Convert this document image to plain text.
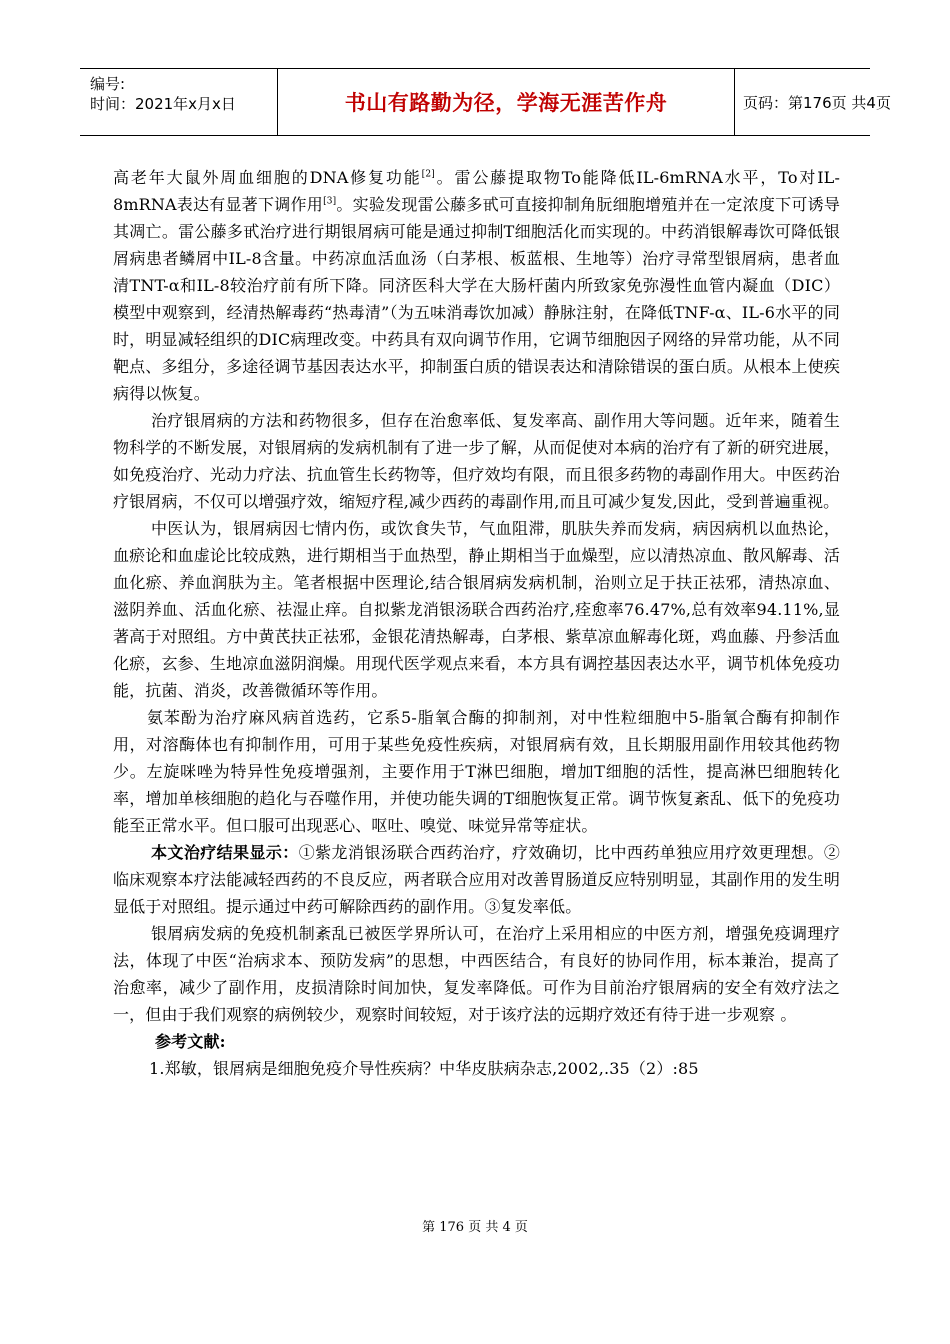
编号:
时间：2021年x月x日	书山有路勤为径，学海无涯苦作舟	页码：第176页 共4页

高老年大鼠外周血细胞的DNA修复功能[2]。雷公藤提取物To能降低IL-6mRNA水平，To对IL-8mRNA表达有显著下调作用[3]。实验发现雷公藤多甙可直接抑制角朊细胞增殖并在一定浓度下可诱导其凋亡。雷公藤多甙治疗进行期银屑病可能是通过抑制T细胞活化而实现的。中药消银解毒饮可降低银屑病患者鳞屑中IL-8含量。中药凉血活血汤（白茅根、板蓝根、生地等）治疗寻常型银屑病，患者血清TNT-α和IL-8较治疗前有所下降。同济医科大学在大肠杆菌内所致家免弥漫性血管内凝血（DIC）模型中观察到，经清热解毒药“热毒清”（为五味消毒饮加减）静脉注射，在降低TNF-α、IL-6水平的同时，明显减轻组织的DIC病理改变。中药具有双向调节作用，它调节细胞因子网络的异常功能，从不同靶点、多组分，多途径调节基因表达水平，抑制蛋白质的错误表达和清除错误的蛋白质。从根本上使疾病得以恢复。

治疗银屑病的方法和药物很多，但存在治愈率低、复发率高、副作用大等问题。近年来，随着生物科学的不断发展，对银屑病的发病机制有了进一步了解，从而促使对本病的治疗有了新的研究进展，如免疫治疗、光动力疗法、抗血管生长药物等，但疗效均有限，而且很多药物的毒副作用大。中医药治疗银屑病，不仅可以增强疗效，缩短疗程,减少西药的毒副作用,而且可减少复发,因此，受到普遍重视。

中医认为，银屑病因七情内伤，或饮食失节，气血阻滞，肌肤失养而发病，病因病机以血热论，血瘀论和血虚论比较成熟，进行期相当于血热型，静止期相当于血燥型，应以清热凉血、散风解毒、活血化瘀、养血润肤为主。笔者根据中医理论,结合银屑病发病机制，治则立足于扶正祛邪，清热凉血、滋阴养血、活血化瘀、祛湿止痒。自拟紫龙消银汤联合西药治疗,痊愈率76.47%,总有效率94.11%,显著高于对照组。方中黄芪扶正祛邪，金银花清热解毒，白茅根、紫草凉血解毒化斑，鸡血藤、丹参活血化瘀，玄参、生地凉血滋阴润燥。用现代医学观点来看，本方具有调控基因表达水平，调节机体免疫功能，抗菌、消炎，改善微循环等作用。

氨苯酚为治疗麻风病首选药，它系5-脂氧合酶的抑制剂，对中性粒细胞中5-脂氧合酶有抑制作用，对溶酶体也有抑制作用，可用于某些免疫性疾病，对银屑病有效，且长期服用副作用较其他药物少。左旋咪唑为特异性免疫增强剂，主要作用于T淋巴细胞，增加T细胞的活性，提高淋巴细胞转化率，增加单核细胞的趋化与吞噬作用，并使功能失调的T细胞恢复正常。调节恢复紊乱、低下的免疫功能至正常水平。但口服可出现恶心、呕吐、嗅觉、味觉异常等症状。

本文治疗结果显示：①紫龙消银汤联合西药治疗，疗效确切，比中西药单独应用疗效更理想。②临床观察本疗法能减轻西药的不良反应，两者联合应用对改善胃肠道反应特别明显，其副作用的发生明显低于对照组。提示通过中药可解除西药的副作用。③复发率低。

银屑病发病的免疫机制紊乱已被医学界所认可，在治疗上采用相应的中医方剂，增强免疫调理疗法，体现了中医“治病求本、预防发病”的思想，中西医结合，有良好的协同作用，标本兼治，提高了治愈率，减少了副作用，皮损清除时间加快，复发率降低。可作为目前治疗银屑病的安全有效疗法之一，但由于我们观察的病例较少，观察时间较短，对于该疗法的远期疗效还有待于进一步观察 。

参考文献:

1.郑敏，银屑病是细胞免疫介导性疾病？中华皮肤病杂志,2002,.35（2）:85

第 176 页 共 4 页
